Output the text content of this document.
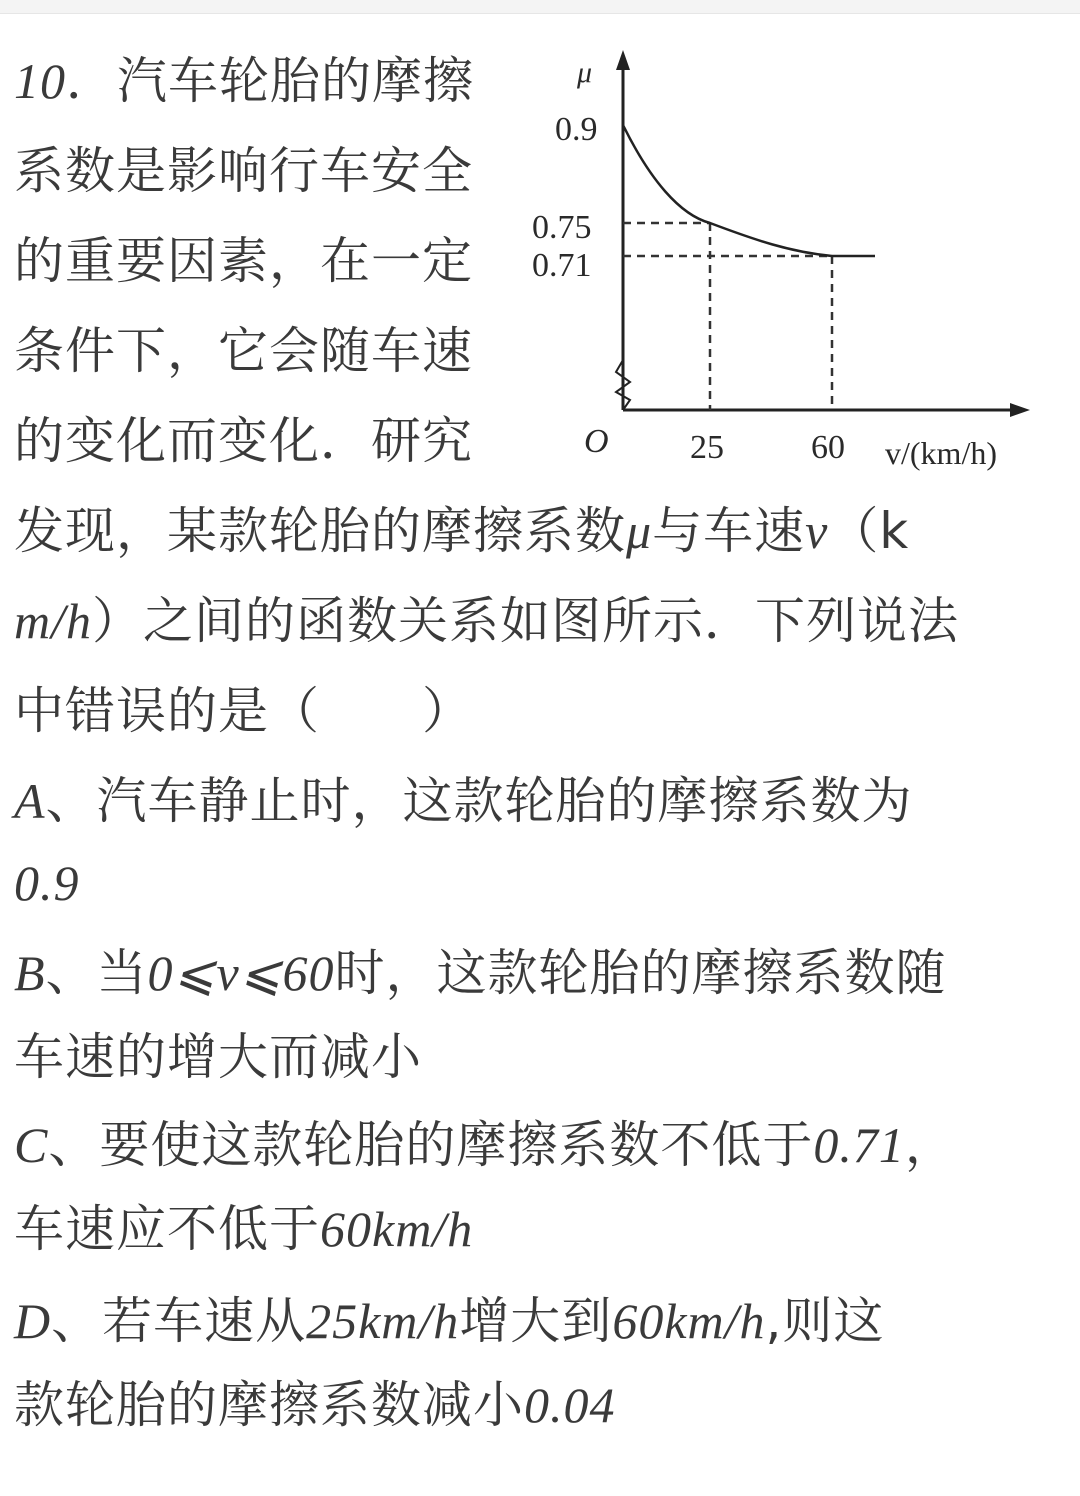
10．汽车轮胎的摩擦
系数是影响行车安全
的重要因素，在一定
条件下，它会随车速
的变化而变化．研究
发现，某款轮胎的摩擦系数μ与车速v（k
m/h）之间的函数关系如图所示．下列说法
中错误的是（　　）
A、汽车静止时，这款轮胎的摩擦系数为
0.9
B、当0⩽v⩽60时，这款轮胎的摩擦系数随
车速的增大而减小
C、要使这款轮胎的摩擦系数不低于0.71，
车速应不低于60km/h
D、若车速从25km/h增大到60km/h,则这
款轮胎的摩擦系数减小0.04
μ
0.9
0.75
0.71
O 25	60 v/(km/h)
